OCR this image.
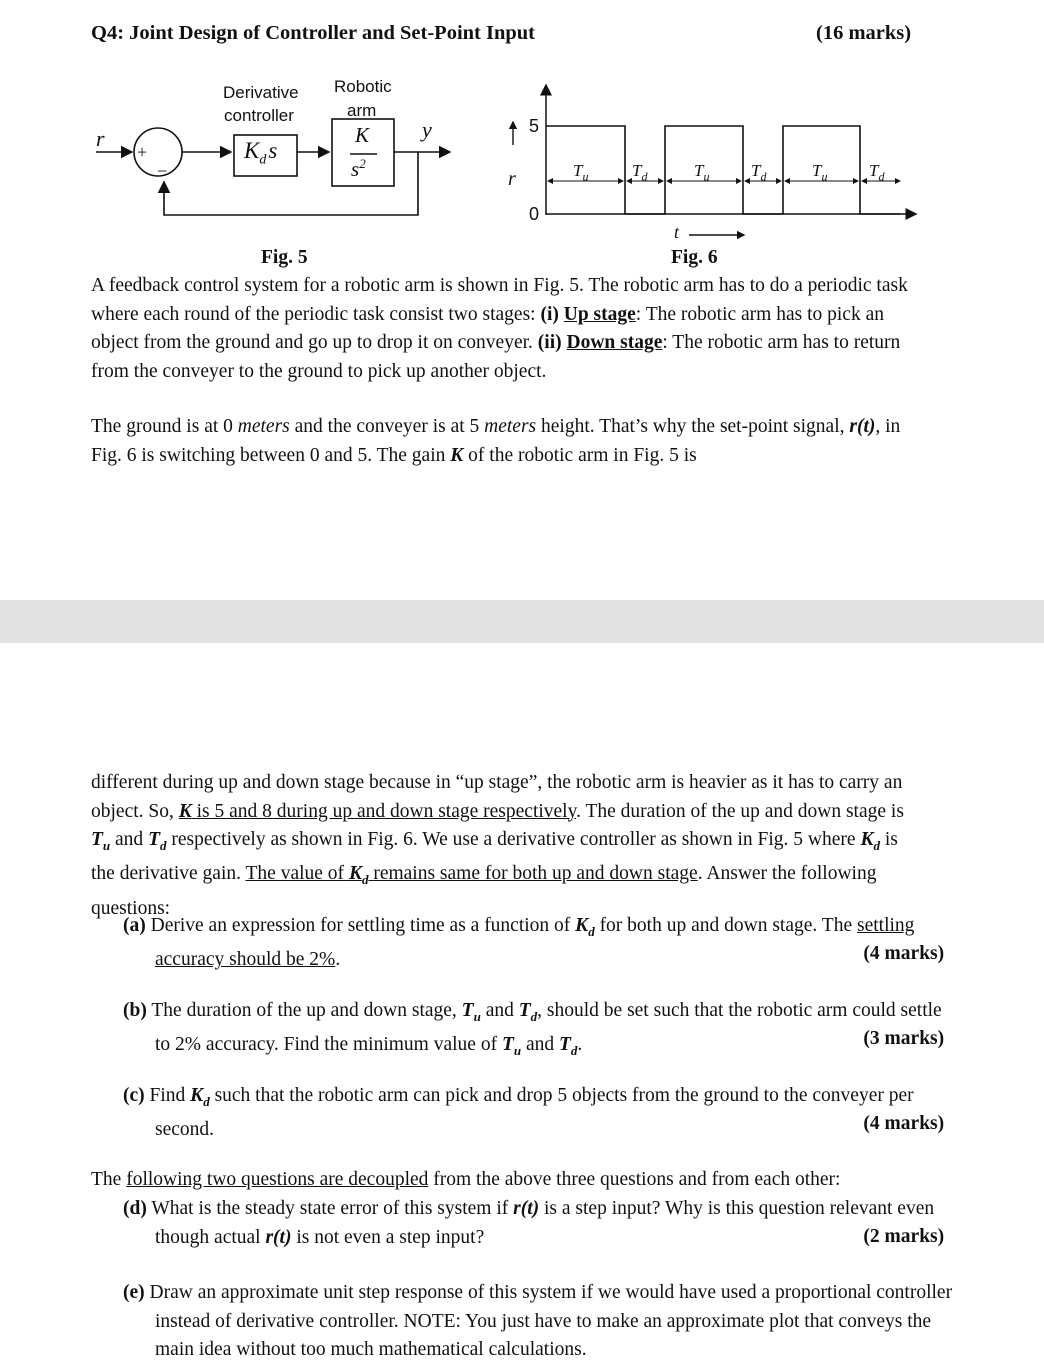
Q4: Joint Design of Controller and Set-Point Input	(16 marks)
Derivative
controller
Robotic
arm
r
+
−
$K_ds$
K
$s^2$
y
Fig. 5
5
0
r
t
$T_u$	$T_d$	$T_u$ $T_d$	$T_u$ $T_d$
Fig. 6
A feedback control system for a robotic arm is shown in Fig. 5. The robotic arm has to do a periodic task where each round of the periodic task consist two stages: (i) Up stage: The robotic arm has to pick an object from the ground and go up to drop it on conveyer. (ii) Down stage: The robotic arm has to return from the conveyer to the ground to pick up another object.
The ground is at 0 meters and the conveyer is at 5 meters height. That’s why the set-point signal, r(t), in Fig. 6 is switching between 0 and 5. The gain K of the robotic arm in Fig. 5 is
different during up and down stage because in “up stage”, the robotic arm is heavier as it has to carry an object. So, K is 5 and 8 during up and down stage respectively. The duration of the up and down stage is $T_u$ and $T_d$ respectively as shown in Fig. 6. We use a derivative controller as shown in Fig. 5 where $K_d$ is the derivative gain. The value of $K_d$ remains same for both up and down stage. Answer the following questions:
(a) Derive an expression for settling time as a function of $K_d$ for both up and down stage. The settling accuracy should be 2%.	(4 marks)
(b) The duration of the up and down stage, $T_u$ and $T_d$, should be set such that the robotic arm could settle to 2% accuracy. Find the minimum value of $T_u$ and $T_d$.	(3 marks)
(c) Find $K_d$ such that the robotic arm can pick and drop 5 objects from the ground to the conveyer per second.	(4 marks)
The following two questions are decoupled from the above three questions and from each other:
(d) What is the steady state error of this system if r(t) is a step input? Why is this question relevant even though actual r(t) is not even a step input?	(2 marks)
(e) Draw an approximate unit step response of this system if we would have used a proportional controller instead of derivative controller. NOTE: You just have to make an approximate plot that conveys the main idea without too much mathematical calculations.
